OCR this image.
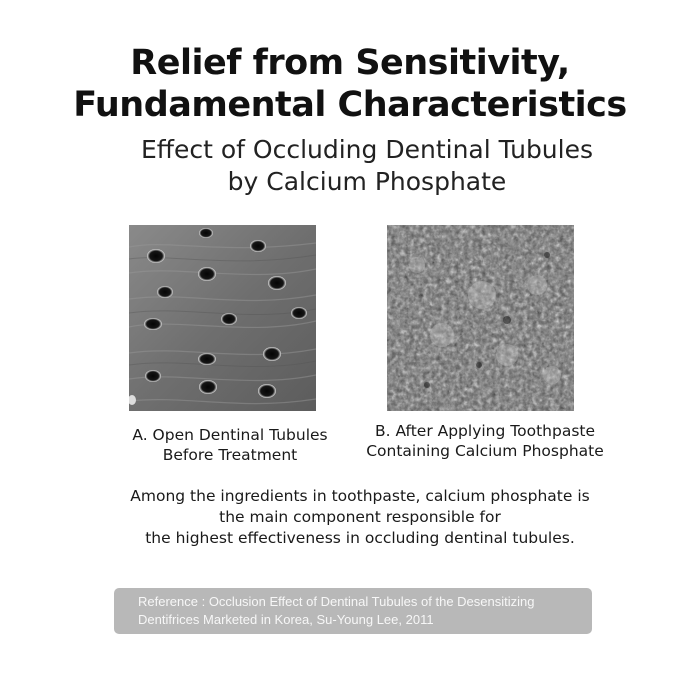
Relief from Sensitivity,
Fundamental Characteristics
Effect of Occluding Dentinal Tubules
by Calcium Phosphate
A. Open Dentinal Tubules
Before Treatment
B. After Applying Toothpaste
Containing Calcium Phosphate
Among the ingredients in toothpaste, calcium phosphate is
the main component responsible for
the highest effectiveness in occluding dentinal tubules.
Reference : Occlusion Effect of Dentinal Tubules of the Desensitizing
Dentifrices Marketed in Korea, Su-Young Lee, 2011
